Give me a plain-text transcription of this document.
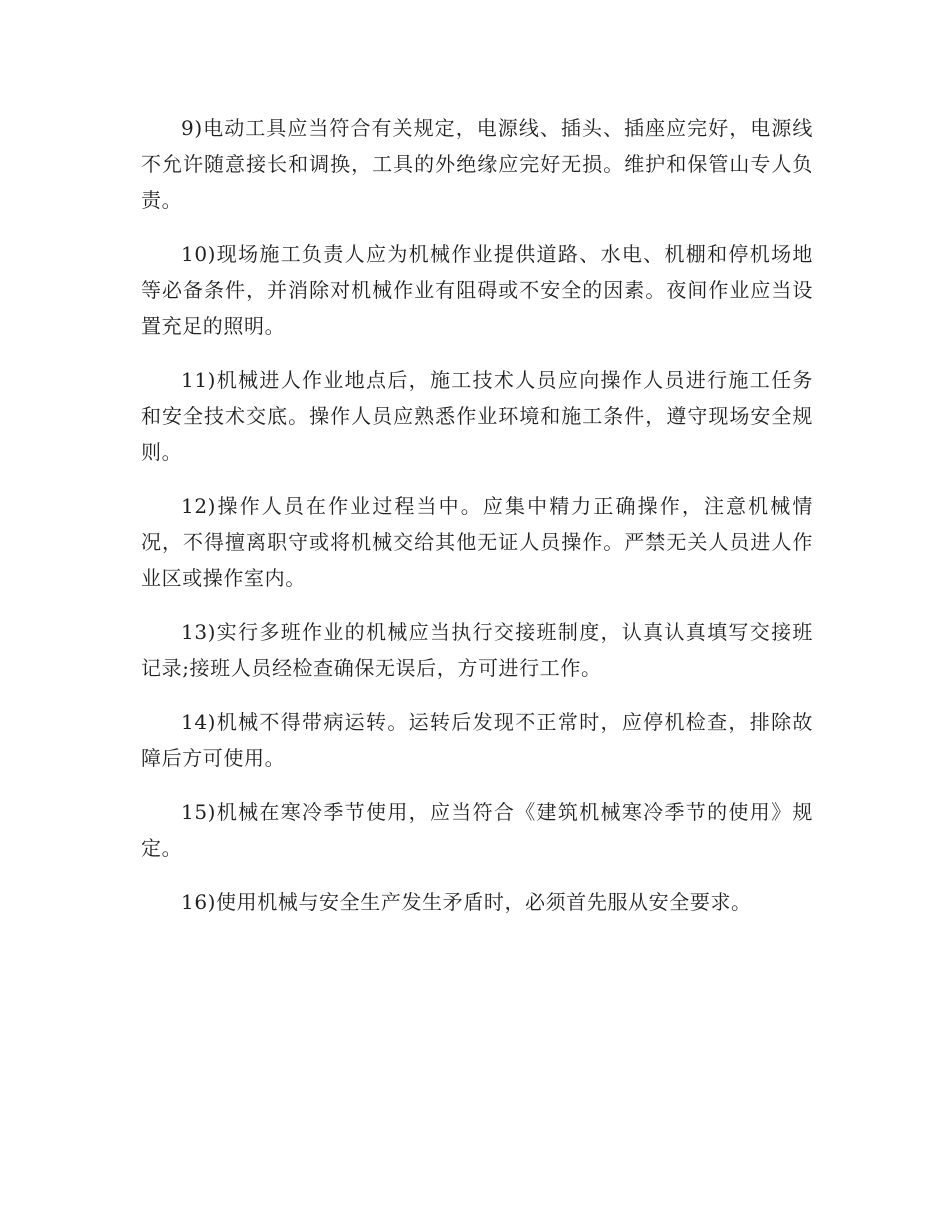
9)电动工具应当符合有关规定，电源线、插头、插座应完好，电源线不允许随意接长和调换，工具的外绝缘应完好无损。维护和保管山专人负责。

10)现场施工负责人应为机械作业提供道路、水电、机棚和停机场地等必备条件，并消除对机械作业有阻碍或不安全的因素。夜间作业应当设置充足的照明。

11)机械进人作业地点后，施工技术人员应向操作人员进行施工任务和安全技术交底。操作人员应熟悉作业环境和施工条件，遵守现场安全规则。

12)操作人员在作业过程当中。应集中精力正确操作，注意机械情况，不得擅离职守或将机械交给其他无证人员操作。严禁无关人员进人作业区或操作室内。

13)实行多班作业的机械应当执行交接班制度，认真认真填写交接班记录;接班人员经检查确保无误后，方可进行工作。

14)机械不得带病运转。运转后发现不正常时，应停机检查，排除故障后方可使用。

15)机械在寒冷季节使用，应当符合《建筑机械寒冷季节的使用》规定。

16)使用机械与安全生产发生矛盾时，必须首先服从安全要求。
